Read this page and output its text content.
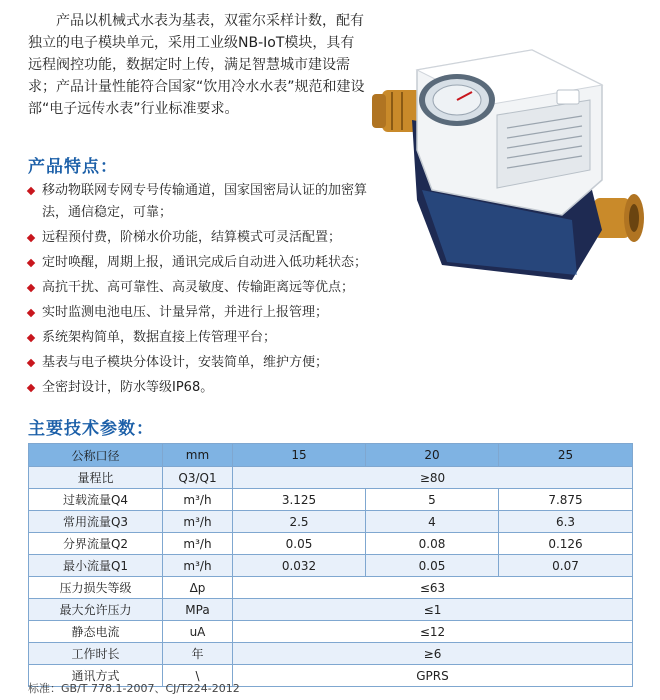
产品以机械式水表为基表，双霍尔采样计数，配有独立的电子模块单元，采用工业级NB-IoT模块，具有远程阀控功能，数据定时上传，满足智慧城市建设需求；产品计量性能符合国家“饮用冷水水表”规范和建设部“电子远传水表”行业标准要求。

产品特点：
移动物联网专网专号传输通道，国家国密局认证的加密算法，通信稳定，可靠；
远程预付费，阶梯水价功能，结算模式可灵活配置；
定时唤醒，周期上报，通讯完成后自动进入低功耗状态；
高抗干扰、高可靠性、高灵敏度、传输距离远等优点；
实时监测电池电压、计量异常，并进行上报管理；
系统架构简单，数据直接上传管理平台；
基表与电子模块分体设计，安装简单，维护方便；
全密封设计，防水等级IP68。
主要技术参数：
公称口径	mm	15	20	25
量程比	Q3/Q1	≥80		
过载流量Q4	m³/h	3.125	5	7.875
常用流量Q3	m³/h	2.5	4	6.3
分界流量Q2	m³/h	0.05	0.08	0.126
最小流量Q1	m³/h	0.032	0.05	0.07
压力损失等级	Δp	≤63		
最大允许压力	MPa	≤1		
静态电流	uA	≤12		
工作时长	年	≥6		
通讯方式	\	GPRS		
标准：GB/T 778.1-2007、CJ/T224-2012
